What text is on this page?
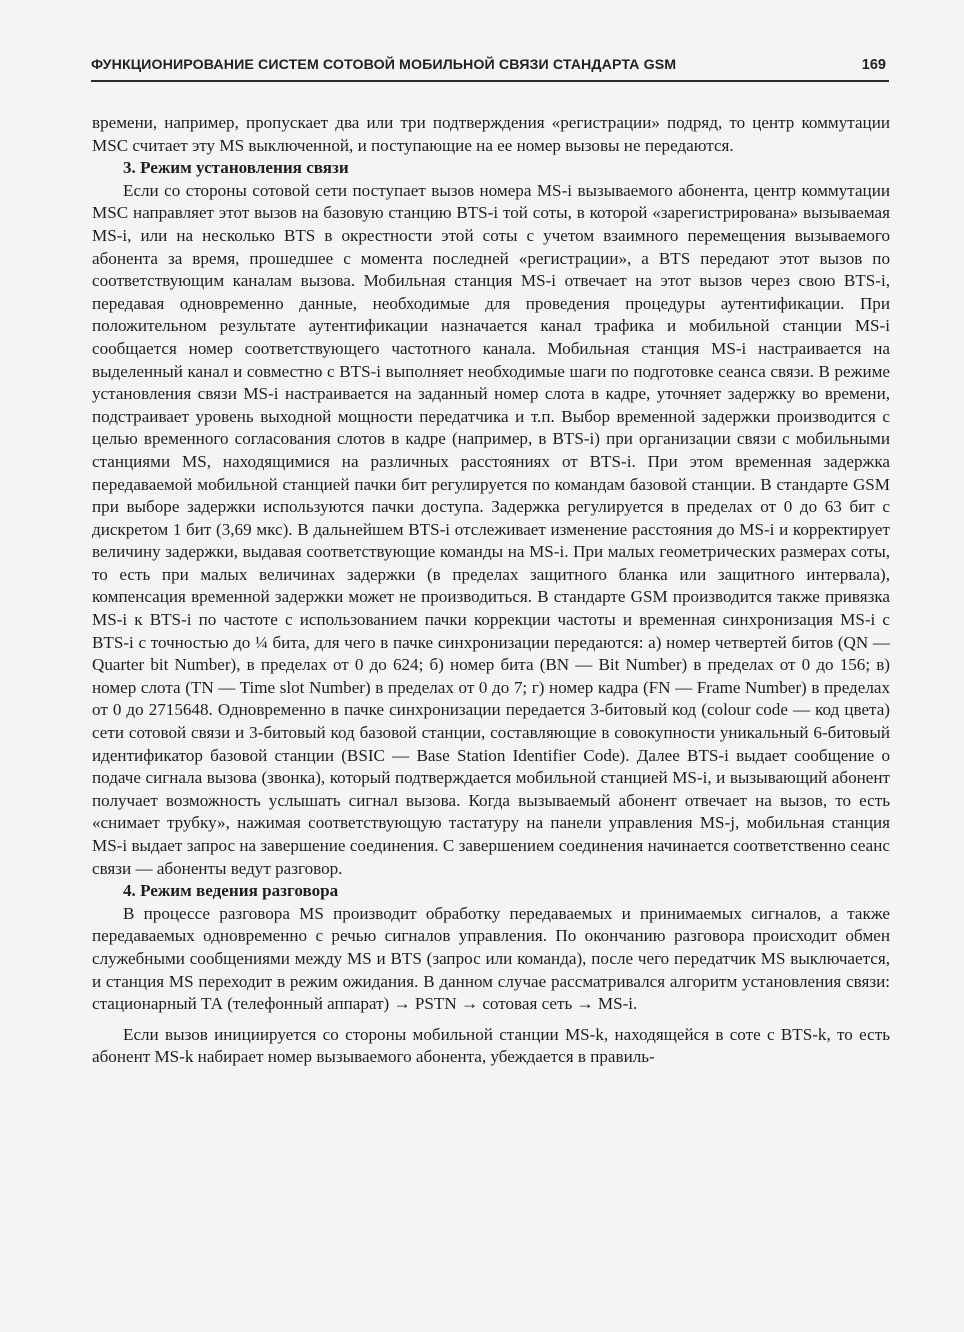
ФУНКЦИОНИРОВАНИЕ СИСТЕМ СОТОВОЙ МОБИЛЬНОЙ СВЯЗИ СТАНДАРТА GSM	169

времени, например, пропускает два или три подтверждения «регистрации» подряд, то центр коммутации MSC считает эту MS выключенной, и поступающие на ее номер вызовы не передаются.

3. Режим установления связи

Если со стороны сотовой сети поступает вызов номера MS-i вызываемого абонента, центр коммутации MSC направляет этот вызов на базовую станцию BTS-i той соты, в которой «зарегистрирована» вызываемая MS-i, или на несколько BTS в окрестности этой соты с учетом взаимного перемещения вызываемого абонента за время, прошедшее с момента последней «регистрации», а BTS передают этот вызов по соответствующим каналам вызова. Мобильная станция MS-i отвечает на этот вызов через свою BTS-i, передавая одновременно данные, необходимые для проведения процедуры аутентификации. При положительном результате аутентификации назначается канал трафика и мобильной станции MS-i сообщается номер соответствующего частотного канала. Мобильная станция MS-i настраивается на выделенный канал и совместно с BTS-i выполняет необходимые шаги по подготовке сеанса связи. В режиме установления связи MS-i настраивается на заданный номер слота в кадре, уточняет задержку во времени, подстраивает уровень выходной мощности передатчика и т.п. Выбор временной задержки производится с целью временного согласования слотов в кадре (например, в BTS-i) при организации связи с мобильными станциями MS, находящимися на различных расстояниях от BTS-i. При этом временная задержка передаваемой мобильной станцией пачки бит регулируется по командам базовой станции. В стандарте GSM при выборе задержки используются пачки доступа. Задержка регулируется в пределах от 0 до 63 бит с дискретом 1 бит (3,69 мкс). В дальнейшем BTS-i отслеживает изменение расстояния до MS-i и корректирует величину задержки, выдавая соответствующие команды на MS-i. При малых геометрических размерах соты, то есть при малых величинах задержки (в пределах защитного бланка или защитного интервала), компенсация временной задержки может не производиться. В стандарте GSM производится также привязка MS-i к BTS-i по частоте с использованием пачки коррекции частоты и временная синхронизация MS-i с BTS-i с точностью до ¼ бита, для чего в пачке синхронизации передаются: а) номер четвертей битов (QN — Quarter bit Number), в пределах от 0 до 624; б) номер бита (BN — Bit Number) в пределах от 0 до 156; в) номер слота (TN — Time slot Number) в пределах от 0 до 7; г) номер кадра (FN — Frame Number) в пределах от 0 до 2715648. Одновременно в пачке синхронизации передается 3-битовый код (colour code — код цвета) сети сотовой связи и 3-битовый код базовой станции, составляющие в совокупности уникальный 6-битовый идентификатор базовой станции (BSIC — Base Station Identifier Code). Далее BTS-i выдает сообщение о подаче сигнала вызова (звонка), который подтверждается мобильной станцией MS-i, и вызывающий абонент получает возможность услышать сигнал вызова. Когда вызываемый абонент отвечает на вызов, то есть «снимает трубку», нажимая соответствующую тастатуру на панели управления MS-j, мобильная станция MS-i выдает запрос на завершение соединения. С завершением соединения начинается соответственно сеанс связи — абоненты ведут разговор.

4. Режим ведения разговора

В процессе разговора MS производит обработку передаваемых и принимаемых сигналов, а также передаваемых одновременно с речью сигналов управления. По окончанию разговора происходит обмен служебными сообщениями между MS и BTS (запрос или команда), после чего передатчик MS выключается, и станция MS переходит в режим ожидания. В данном случае рассматривался алгоритм установления связи: стационарный ТА (телефонный аппарат) → PSTN → сотовая сеть → MS-i.

Если вызов инициируется со стороны мобильной станции MS-k, находящейся в соте с BTS-k, то есть абонент MS-k набирает номер вызываемого абонента, убеждается в правиль-
